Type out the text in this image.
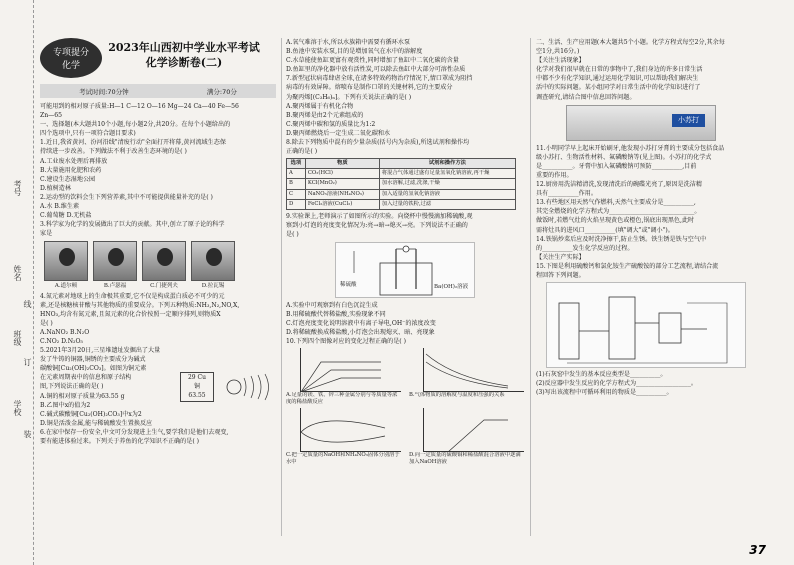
考号
姓名
班级
学校
线
订
装
专项提分
化学
2023年山西初中学业水平考试
化学诊断卷(二)
考试时间:70分钟	满分:70分

可能用到的相对原子质量:H—1 C—12 O—16 Mg—24 Ca—40 Fe—56

Zn—65

一、选择题(本大题共10个小题,每小题2分,共20分。在每个小题给出的

四个选项中,只有一项符合题目要求)

1.近日,我省黄河、汾河沿线"清废行动"全面打开将幕,黄河流域生态保

持续进一步改善。下列做法不利于改善生态环境的是( )

A.工业废水处理后再排放

B.大量施用化肥和农药

C.建设生态湿地公园

D.植树造林

2.运动型的饮料会生下列营养素,其中不可能提供能量补充的是( )

A.水 B.维生素

C.葡萄糖 D.无机盐

3.科学家为化学的发展做出了巨大的贡献。其中,创立了原子论的科学

家是

A.道尔顿	B.卢瑟福	C.门捷列夫	D.拉瓦锡

4.氮元素对地球上的生命极其重要,它不仅是构成蛋白质必不可少的元

素,还是核糖核苷酸与其他物质的重要成分。下列五种物质:NH₃,N₂,NO,X,

HNO₃,均含有氮元素,且氮元素的化合价按照一定顺序排列,则物质X

是( )

A.NaNO₂ B.N₂O

C.NO₂ D.N₂O₅

5.2021年3月20日,三星堆遗址发掘出了大量

发了牛铸的铜器,铜锈的主要成分为碱式

碳酸铜[Cu₂(OH)₂CO₃]。如图为铜元素

在元素周期表中的信息和原子结构

图,下列说法正确的是( )

A.铜的相对原子质量为63.55 g

B.乙图中x的值为2

C.碱式碳酸铜[Cu₂(OH)₂CO₃]中x为2

D.铜是活泼金属,能与稀硫酸发生置换反应

6.在家中保存一份安全,中文可分发现进上生气,要学我们是他们去观变,

要有能进体验过来。下列关于养鱼的化学知识不正确的是( )

29 Cu
铜
63.55

A.氧气难溶于水,所以水族箱中需要有循环水泵

B.鱼池中安装水泵,目的是增加氧气在水中的溶解度

C.水草能使鱼缸更富有观赏性,同时增加了鱼缸中二氧化碳的含量

D.鱼缸里的净化器中放有活性炭,可以除去鱼缸中大部分可溶性杂质

7.新型冠状病毒肆虐全球,在诸多特效药物治疗情况下,情口罩成为阻挡

病毒的有效屏障。熔喷布是制作口罩的关键材料,它的主要成分

为聚丙烯[(C₃H₆)ₙ]。下列有关说法正确的是( )

A.聚丙烯属于有机化合物

B.聚丙烯是由2个元素组成的

C.聚丙烯中碳和氢的质量比为1:2

D.聚丙烯燃烧后一定生成二氧化碳和水

8.除去下列物质中混有的少量杂质(括号内为杂质),所选试剂和操作均

正确的是( )

选项	物质	试剂和操作方法
A	CO₂(HCl)	将混合气体通过盛有足量氢氧化钠溶液,再干燥
B	KCl(MnO₂)	加水溶解,过滤,洗涤,干燥
C	NaNO₃溶液(NH₄NO₃)	加入适量的氢氧化钠溶液
D	FeCl₂溶液(CuCl₂)	加入过量的铁粉,过滤

9.实验课上,老师演示了如图所示的实验。向烧杯中慢慢滴加稀硫酸,观

察到小灯泡的亮度变化情况为:亮→暗→熄灭→亮。下列说法不正确的

是( )

稀硫酸	Ba(OH)₂溶液

A.实验中可观察到有白色沉淀生成

B.用稀硫酸代替稀盐酸,实验现象不同

C.灯泡亮度变化说明溶液中有离子导电,OH⁻的浓度改变

D.将稀硫酸换成稀盐酸,小灯泡会出现熄灭、暗、亮现象

10.下列四个图像对应的变化过程正确的是( )

A.足量的镁、铁、锌三种金属分别与等质量等浓度的稀盐酸反应

B.气体物质的溶解度与温度和压强的关系

C.把一定质量的NaOH和NH₄NO₃固体分别溶于水中

D.向一定质量的硫酸铜和稀盐酸混合溶液中逐滴加入NaOH溶液

二、生活、生产应用题(本大题共5个小题。化学方程式每空2分,其余每

空1分,共16分。)

【关注生活现象】

化学对我们很早就在日常的事物中了,我们身边的许多日常生活

中都不少有化学知识,通过运用化学知识,可以帮助我们解决生

活中的实际问题。某小组同学对日常生活中的化学知识进行了

调查研究,请结合图中信息回答问题。

小苏打

11.小明同学早上起床开始刷牙,他发现小苏打牙膏的主要成分包括食品

级小苏打、生物活性材料、氟磷酸钠等(见上图)。小苏打的化学式

是__________。牙膏中加入氟磷酸钠可预防__________,目前

重要的作用。

12.厨房用洗洁精清洗,发现清洗后的碗碟光亮了,原因是洗洁精

具有__________作用。

13.有些地区用天然气作燃料,天然气主要成分是__________,

其完全燃烧的化学方程式为____________________________。

做饭时,若燃气灶的火焰呈现黄色或橙色,锅底出现黑色,此时

需将灶具的进风口__________(填"调大"或"调小")。

14.铁锅炒菜后应及时洗净擦干,防止生锈。铁生锈是铁与空气中

的__________发生化学反应的过程。

【关注生产实际】

15.下图是利用硫酸钙和氯化铵生产硫酸铵的部分工艺流程,请结合流

程回答下列问题。

(1)石灰窑中发生的基本反应类型是__________。

(2)反应器中发生反应的化学方程式为__________________。

(3)写出该流程中可循环利用的物质是__________。

37
